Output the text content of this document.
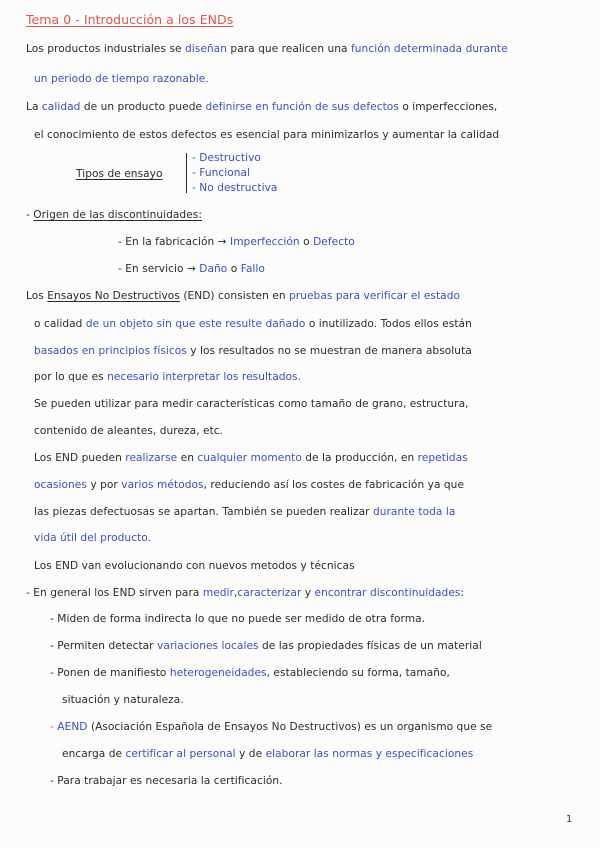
Tema 0 - Introducción a los ENDs
Los productos industriales se diseñan para que realicen una función determinada durante
un periodo de tiempo razonable.
La calidad de un producto puede definirse en función de sus defectos o imperfecciones,
el conocimiento de estos defectos es esencial para minimizarlos y aumentar la calidad
Tipos de ensayo
- Destructivo
- Funcional
- No destructiva
- Origen de las discontinuidades:
- En la fabricación → Imperfección o Defecto
- En servicio → Daño o Fallo
Los Ensayos No Destructivos (END) consisten en pruebas para verificar el estado
o calidad de un objeto sin que este resulte dañado o inutilizado. Todos ellos están
basados en principios físicos y los resultados no se muestran de manera absoluta
por lo que es necesario interpretar los resultados.
Se pueden utilizar para medir características como tamaño de grano, estructura,
contenido de aleantes, dureza, etc.
Los END pueden realizarse en cualquier momento de la producción, en repetidas
ocasiones y por varios métodos, reduciendo así los costes de fabricación ya que
las piezas defectuosas se apartan. También se pueden realizar durante toda la
vida útil del producto.
Los END van evolucionando con nuevos metodos y técnicas
- En general los END sirven para medir,caracterizar y encontrar discontinuidades:
- Miden de forma indirecta lo que no puede ser medido de otra forma.
- Permiten detectar variaciones locales de las propiedades físicas de un material
- Ponen de manifiesto heterogeneidades, estableciendo su forma, tamaño,
situación y naturaleza.
- AEND (Asociación Española de Ensayos No Destructivos) es un organismo que se
encarga de certificar al personal y de elaborar las normas y especificaciones
- Para trabajar es necesaria la certificación.
1
